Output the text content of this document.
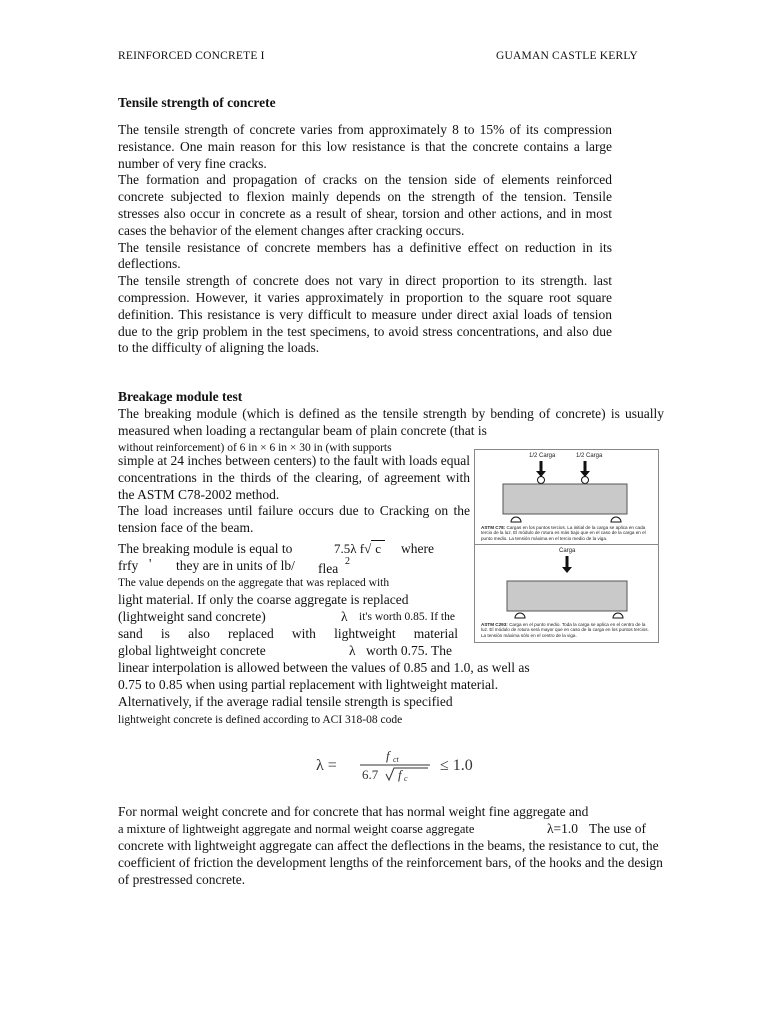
REINFORCED CONCRETE I	GUAMAN CASTLE KERLY
Tensile strength of concrete

The tensile strength of concrete varies from approximately 8 to 15% of its compression resistance. One main reason for this low resistance is that the concrete contains a large number of very fine cracks.

The formation and propagation of cracks on the tension side of elements reinforced concrete subjected to flexion mainly depends on the strength of the tension. Tensile stresses also occur in concrete as a result of shear, torsion and other actions, and in most cases the behavior of the element changes after cracking occurs.

The tensile resistance of concrete members has a definitive effect on reduction in its deflections.

The tensile strength of concrete does not vary in direct proportion to its strength. last compression. However, it varies approximately in proportion to the square root square definition. This resistance is very difficult to measure under direct axial loads of tension due to the grip problem in the test specimens, to avoid stress concentrations, and also due to the difficulty of aligning the loads.

Breakage module test

The breaking module (which is defined as the tensile strength by bending of concrete) is usually measured when loading a rectangular beam of plain concrete (that is

without reinforcement) of 6 in × 6 in × 30 in (with supports

simple at 24 inches between centers) to the fault with loads equal concentrations in the thirds of the clearing, of agreement with the ASTM C78-2002 method.

The load increases until failure occurs due to Cracking on the tension face of the beam.

The breaking module is equal to	7.5λ f√ c where
frfy ' they are in units of lb/ flea 2
The value depends on the aggregate that was replaced with
light material. If only the coarse aggregate is replaced
(lightweight sand concrete)	λ it's worth 0.85. If the
sand is also replaced with lightweight material
global lightweight concrete	λ worth 0.75. The
linear interpolation is allowed between the values of 0.85 and 1.0, as well as
0.75 to 0.85 when using partial replacement with lightweight material.
Alternatively, if the average radial tensile strength is specified
lightweight concrete is defined according to ACI 318-08 code
λ =
f ct
6.7 f c
≤ 1.0
For normal weight concrete and for concrete that has normal weight fine aggregate and
a mixture of lightweight aggregate and normal weight coarse aggregate	λ=1.0 The use of
concrete with lightweight aggregate can affect the deflections in the beams, the resistance to cut, the coefficient of friction the development lengths of the reinforcement bars, of the hooks and the design of prestressed concrete.
1/2 Carga	1/2 Carga
ASTM C78: Cargas en los puntos tercios. La initial de la carga se aplica en cada tercio de la luz. El módulo de rotura es más bajo que en el caso de la carga en el punto medio. La tensión máxima en el tercio medio de la viga.
Carga
ASTM C293: Carga en el punto medio. Toda la carga se aplica en el centro de la luz. El módulo de rotura será mayor que en caso de la carga en los puntos tercios. La tensión máxima sólo en el centro de la viga.
